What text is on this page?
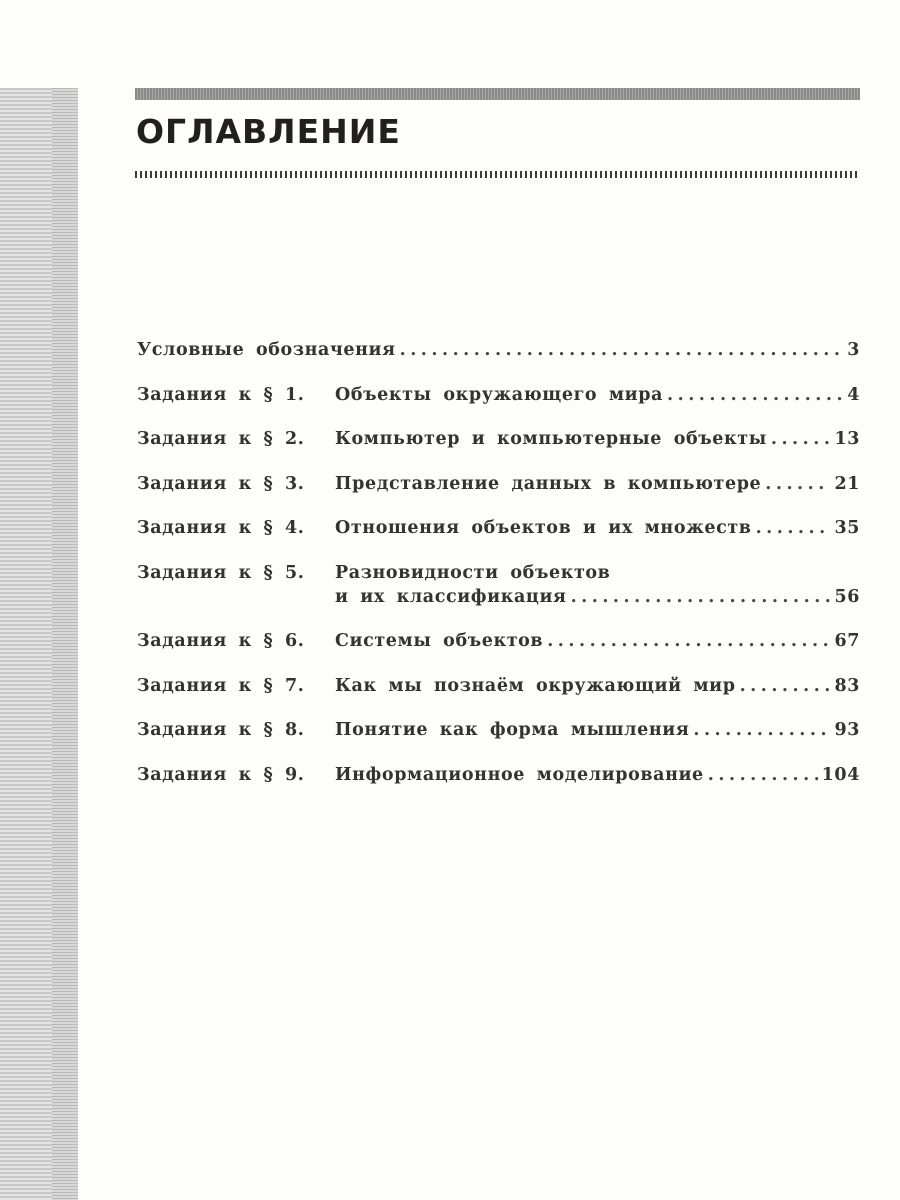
ОГЛАВЛЕНИЕ
Условные обозначения .....	3
Задания к § 1.	Объекты окружающего мира .....	4
Задания к § 2.	Компьютер и компьютерные объекты .....	13
Задания к § 3.	Представление данных в компьютере .....	21
Задания к § 4.	Отношения объектов и их множеств .....	35
Задания к § 5.	Разновидности объектов
и их классификация .....	56
Задания к § 6.	Системы объектов .....	67
Задания к § 7.	Как мы познаём окружающий мир .....	83
Задания к § 8.	Понятие как форма мышления .....	93
Задания к § 9.	Информационное моделирование .....	104
